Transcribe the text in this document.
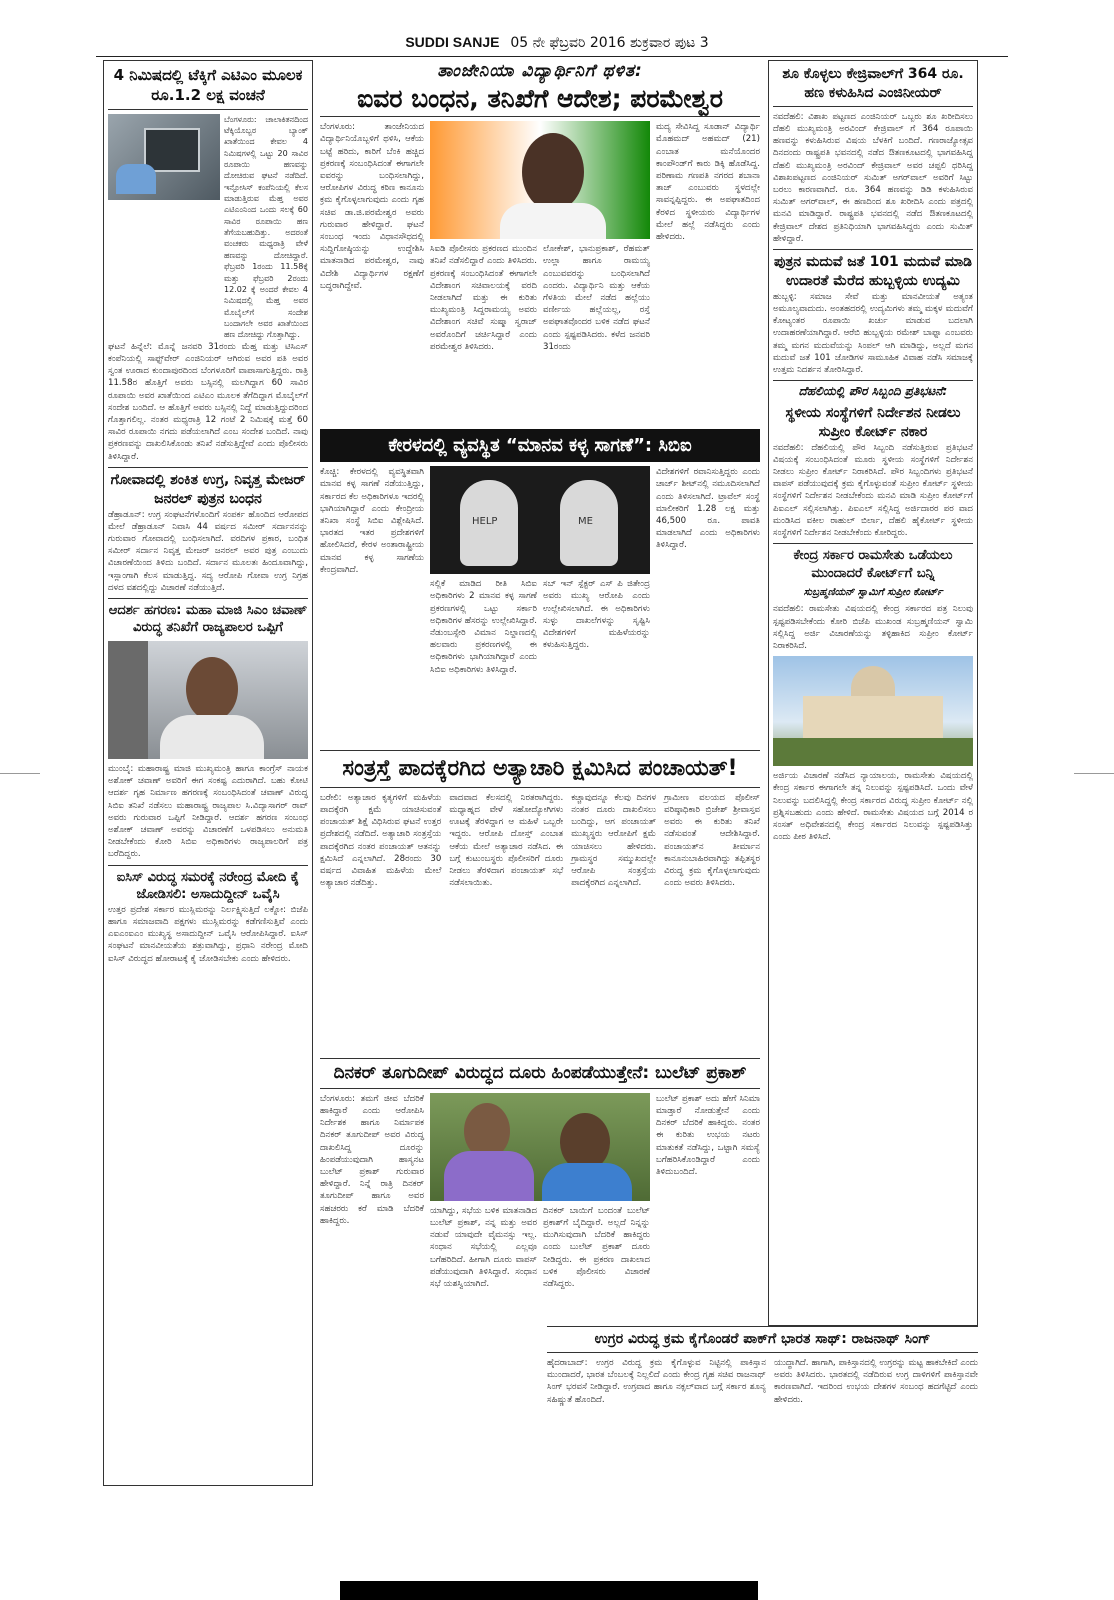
SUDDI SANJE 05 ನೇ ಫೆಬ್ರವರಿ 2016 ಶುಕ್ರವಾರ ಪುಟ 3
4 ನಿಮಿಷದಲ್ಲಿ ಟೆಕ್ಕಿಗೆ ಎಟಿಎಂ ಮೂಲಕ ರೂ.1.2 ಲಕ್ಷ ವಂಚನೆ

ಬೆಂಗಳೂರು: ಚಾಲಾಕಿತನದಿಂದ ಟೆಕ್ಕಿಯೊಬ್ಬರ ಬ್ಯಾಂಕ್ ಖಾತೆಯಿಂದ ಕೇವಲ 4 ನಿಮಿಷಗಳಲ್ಲಿ ಒಟ್ಟು 20 ಸಾವಿರ ರೂಪಾಯಿ ಹಣವನ್ನು ದೋಚಿರುವ ಘಟನೆ ನಡೆದಿದೆ. ಇನ್ಫೋಸಿಸ್ ಕಂಪೆನಿಯಲ್ಲಿ ಕೆಲಸ ಮಾಡುತ್ತಿರುವ ಮೆಹ್ತ ಅವರ ಎಟಿಎಂನಿಂದ ಒಂದು ಸಲಕ್ಕೆ 60 ಸಾವಿರ ರೂಪಾಯಿ ಹಣ ತೆಗೆಯಬಹುದಿತ್ತು. ಅದರಂತೆ ವಂಚಕರು ಮಧ್ಯರಾತ್ರಿ ವೇಳೆ ಹಣವನ್ನು ದೋಚಿದ್ದಾರೆ. ಫೆಬ್ರವರಿ 1ರಂದು 11.58ಕ್ಕೆ ಮತ್ತು ಫೆಬ್ರವರಿ 2ರಂದು 12.02 ಕ್ಕೆ ಅಂದರೆ ಕೇವಲ 4 ನಿಮಿಷದಲ್ಲಿ ಮೆಹ್ತ ಅವರ ಮೊಬೈಲ್‌ಗೆ ಸಂದೇಶ ಬಂದಾಗಲೇ ಅವರ ಖಾತೆಯಿಂದ ಹಣ ದೋಚಿದ್ದು ಗೊತ್ತಾಗಿದ್ದು.

ಘಟನೆ ಹಿನ್ನೆಲೆ: ಮೊನ್ನೆ ಜನವರಿ 31ರಂದು ಮೆಹ್ತ ಮತ್ತು ಟಿಸಿಎಸ್ ಕಂಪೆನಿಯಲ್ಲಿ ಸಾಫ್ಟ್‌ವೇರ್ ಎಂಜಿನಿಯರ್ ಆಗಿರುವ ಅವರ ಪತಿ ಅವರ ಸ್ವಂತ ಊರಾದ ಕುಂದಾಪುರದಿಂದ ಬೆಂಗಳೂರಿಗೆ ವಾಪಾಸಾಗುತ್ತಿದ್ದರು. ರಾತ್ರಿ 11.58ರ ಹೊತ್ತಿಗೆ ಅವರು ಬಸ್ಸಿನಲ್ಲಿ ಮಲಗಿದ್ದಾಗ 60 ಸಾವಿರ ರೂಪಾಯಿ ಅವರ ಖಾತೆಯಿಂದ ಎಟಿಎಂ ಮೂಲಕ ತೆಗೆದಿದ್ದಾಗ ಮೊಬೈಲ್‌ಗೆ ಸಂದೇಶ ಬಂದಿದೆ. ಆ ಹೊತ್ತಿಗೆ ಅವರು ಬಸ್ಸಿನಲ್ಲಿ ನಿದ್ದೆ ಮಾಡುತ್ತಿದ್ದುದರಿಂದ ಗೊತ್ತಾಗಲಿಲ್ಲ. ನಂತರ ಮಧ್ಯರಾತ್ರಿ 12 ಗಂಟೆ 2 ನಿಮಿಷಕ್ಕೆ ಮತ್ತೆ 60 ಸಾವಿರ ರೂಪಾಯಿ ನಗದು ಪಡೆಯಲಾಗಿದೆ ಎಂಬ ಸಂದೇಶ ಬಂದಿದೆ. ನಾವು ಪ್ರಕರಣವನ್ನು ದಾಖಲಿಸಿಕೊಂಡು ತನಿಖೆ ನಡೆಸುತ್ತಿದ್ದೇವೆ ಎಂದು ಪೊಲೀಸರು ತಿಳಿಸಿದ್ದಾರೆ.

ಗೋವಾದಲ್ಲಿ ಶಂಕಿತ ಉಗ್ರ, ನಿವೃತ್ತ ಮೇಜರ್ ಜನರಲ್ ಪುತ್ರನ ಬಂಧನ

ಡೆಹ್ರಾಡೂನ್: ಉಗ್ರ ಸಂಘಟನೆಗಳೊಂದಿಗೆ ಸಂಪರ್ಕ ಹೊಂದಿದ ಆರೋಪದ ಮೇಲೆ ಡೆಹ್ರಾಡೂನ್ ನಿವಾಸಿ 44 ವರ್ಷದ ಸಮೀರ್ ಸರ್ದಾನನನ್ನು ಗುರುವಾರ ಗೋವಾದಲ್ಲಿ ಬಂಧಿಸಲಾಗಿದೆ. ವರದಿಗಳ ಪ್ರಕಾರ, ಬಂಧಿತ ಸಮೀರ್ ಸರ್ದಾನ ನಿವೃತ್ತ ಮೇಜರ್ ಜನರಲ್ ಅವರ ಪುತ್ರ ಎಂಬುದು ವಿಚಾರಣೆಯಿಂದ ತಿಳಿದು ಬಂದಿದೆ. ಸರ್ದಾನ ಮೂಲತಃ ಹಿಂದೂವಾಗಿದ್ದು, ಇಸ್ಲಾಂಗಾಗಿ ಕೆಲಸ ಮಾಡುತ್ತಿದ್ದ. ಸದ್ಯ ಆರೋಪಿ ಗೋವಾ ಉಗ್ರ ನಿಗ್ರಹ ದಳದ ವಶದಲ್ಲಿದ್ದು ವಿಚಾರಣೆ ನಡೆಯುತ್ತಿದೆ.

ಆದರ್ಶ ಹಗರಣ: ಮಹಾ ಮಾಜಿ ಸಿಎಂ ಚವಾಣ್ ವಿರುದ್ಧ ತನಿಖೆಗೆ ರಾಜ್ಯಪಾಲರ ಒಪ್ಪಿಗೆ

ಮುಂಬೈ: ಮಹಾರಾಷ್ಟ್ರ ಮಾಜಿ ಮುಖ್ಯಮಂತ್ರಿ ಹಾಗೂ ಕಾಂಗ್ರೆಸ್ ನಾಯಕ ಅಶೋಕ್ ಚವಾಣ್ ಅವರಿಗೆ ಈಗ ಸಂಕಷ್ಟ ಎದುರಾಗಿದೆ. ಬಹು ಕೋಟಿ ಆದರ್ಶ ಗೃಹ ನಿರ್ಮಾಣ ಹಗರಣಕ್ಕೆ ಸಂಬಂಧಿಸಿದಂತೆ ಚವಾಣ್ ವಿರುದ್ಧ ಸಿಬಿಐ ತನಿಖೆ ನಡೆಸಲು ಮಹಾರಾಷ್ಟ್ರ ರಾಜ್ಯಪಾಲ ಸಿ.ವಿದ್ಯಾಸಾಗರ್ ರಾವ್ ಅವರು ಗುರುವಾರ ಒಪ್ಪಿಗೆ ನೀಡಿದ್ದಾರೆ. ಆದರ್ಶ ಹಗರಣ ಸಂಬಂಧ ಅಶೋಕ್ ಚವಾಣ್ ಅವರನ್ನು ವಿಚಾರಣೆಗೆ ಒಳಪಡಿಸಲು ಅನುಮತಿ ನೀಡಬೇಕೆಂದು ಕೋರಿ ಸಿಬಿಐ ಅಧಿಕಾರಿಗಳು ರಾಜ್ಯಪಾಲರಿಗೆ ಪತ್ರ ಬರೆದಿದ್ದರು.

ಐಸಿಸ್ ವಿರುದ್ಧ ಸಮರಕ್ಕೆ ನರೇಂದ್ರ ಮೋದಿ ಕೈ ಜೋಡಿಸಲಿ: ಅಸಾದುದ್ದೀನ್ ಒವೈಸಿ

ಉತ್ತರ ಪ್ರದೇಶ ಸರ್ಕಾರ ಮುಸ್ಲಿಮರನ್ನು ನಿರ್ಲಕ್ಷ್ಯಿಸುತ್ತಿದೆ ಲಕ್ನೋ: ಬಿಜೆಪಿ ಹಾಗೂ ಸಮಾಜವಾದಿ ಪಕ್ಷಗಳು ಮುಸ್ಲಿಮರನ್ನು ಕಡೆಗಣಿಸುತ್ತಿವೆ ಎಂದು ಎಐಎಂಐಎಂ ಮುಖ್ಯಸ್ಥ ಅಸಾದುದ್ದೀನ್ ಒವೈಸಿ ಆರೋಪಿಸಿದ್ದಾರೆ. ಐಸಿಸ್ ಸಂಘಟನೆ ಮಾನವೀಯತೆಯ ಶತ್ರುವಾಗಿದ್ದು, ಪ್ರಧಾನಿ ನರೇಂದ್ರ ಮೋದಿ ಐಸಿಸ್ ವಿರುದ್ಧದ ಹೋರಾಟಕ್ಕೆ ಕೈ ಜೋಡಿಸಬೇಕು ಎಂದು ಹೇಳಿದರು.

ತಾಂಜೇನಿಯಾ ವಿದ್ಯಾರ್ಥಿನಿಗೆ ಥಳಿತ:
ಐವರ ಬಂಧನ, ತನಿಖೆಗೆ ಆದೇಶ; ಪರಮೇಶ್ವರ

ಬೆಂಗಳೂರು: ತಾಂಜೇನಿಯದ ವಿದ್ಯಾರ್ಥಿನಿಯೊಬ್ಬಳಿಗೆ ಥಳಿಸಿ, ಆಕೆಯ ಬಟ್ಟೆ ಹರಿದು, ಕಾರಿಗೆ ಬೆಂಕಿ ಹಚ್ಚಿದ ಪ್ರಕರಣಕ್ಕೆ ಸಂಬಂಧಿಸಿದಂತೆ ಈಗಾಗಲೇ ಐವರನ್ನು ಬಂಧಿಸಲಾಗಿದ್ದು, ಆರೋಪಿಗಳ ವಿರುದ್ಧ ಕಠಿಣ ಕಾನೂನು ಕ್ರಮ ಕೈಗೊಳ್ಳಲಾಗುವುದು ಎಂದು ಗೃಹ ಸಚಿವ ಡಾ.ಜಿ.ಪರಮೇಶ್ವರ ಅವರು ಗುರುವಾರ ಹೇಳಿದ್ದಾರೆ. ಘಟನೆ ಸಂಬಂಧ ಇಂದು ವಿಧಾನಸೌಧದಲ್ಲಿ ಸುದ್ದಿಗೋಷ್ಠಿಯನ್ನು ಉದ್ದೇಶಿಸಿ ಮಾತನಾಡಿದ ಪರಮೇಶ್ವರ, ನಾವು ವಿದೇಶಿ ವಿದ್ಯಾರ್ಥಿಗಳ ರಕ್ಷಣೆಗೆ ಬದ್ಧರಾಗಿದ್ದೇವೆ.

ಸಿಐಡಿ ಪೊಲೀಸರು ಪ್ರಕರಣದ ಮುಂದಿನ ತನಿಖೆ ನಡೆಸಲಿದ್ದಾರೆ ಎಂದು ತಿಳಿಸಿದರು. ಪ್ರಕರಣಕ್ಕೆ ಸಂಬಂಧಿಸಿದಂತೆ ಈಗಾಗಲೇ ವಿದೇಶಾಂಗ ಸಚಿವಾಲಯಕ್ಕೆ ವರದಿ ನೀಡಲಾಗಿದೆ ಮತ್ತು ಈ ಕುರಿತು ಮುಖ್ಯಮಂತ್ರಿ ಸಿದ್ದರಾಮಯ್ಯ ಅವರು ವಿದೇಶಾಂಗ ಸಚಿವೆ ಸುಷ್ಮಾ ಸ್ವರಾಜ್ ಅವರೊಂದಿಗೆ ಚರ್ಚಿಸಿದ್ದಾರೆ ಎಂದು ಪರಮೇಶ್ವರ ತಿಳಿಸಿದರು.

ಲೋಕೇಶ್, ಭಾನುಪ್ರಕಾಶ್, ರೆಹಮತ್ ಉಲ್ಲಾ ಹಾಗೂ ರಾಮಯ್ಯ ಎಂಬುವವರನ್ನು ಬಂಧಿಸಲಾಗಿದೆ ಎಂದರು. ವಿದ್ಯಾರ್ಥಿನಿ ಮತ್ತು ಆಕೆಯ ಗೆಳತಿಯ ಮೇಲೆ ನಡೆದ ಹಲ್ಲೆಯು ವರ್ಣೀಯ ಹಲ್ಲೆಯಲ್ಲ, ರಸ್ತೆ ಅಪಘಾತವೊಂದರ ಬಳಿಕ ನಡೆದ ಘಟನೆ ಎಂದು ಸ್ಪಷ್ಟಪಡಿಸಿದರು. ಕಳೆದ ಜನವರಿ 31ರಂದು

ಮದ್ಯ ಸೇವಿಸಿದ್ದ ಸೂಡಾನ್ ವಿದ್ಯಾರ್ಥಿ ಮೊಹಮದ್ ಅಹಮದ್ (21) ಎಂಬಾತ ಮನೆಯೊಂದರ ಕಾಂಪೌಂಡ್‌ಗೆ ಕಾರು ಡಿಕ್ಕಿ ಹೊಡೆಸಿದ್ದ. ಪರಿಣಾಮ ಗಣಪತಿ ನಗರದ ಶಬಾನಾ ತಾಜ್ ಎಂಬುವರು ಸ್ಥಳದಲ್ಲೇ ಸಾವನ್ನಪ್ಪಿದ್ದರು. ಈ ಅಪಘಾತದಿಂದ ಕೆರಳಿದ ಸ್ಥಳೀಯರು ವಿದ್ಯಾರ್ಥಿಗಳ ಮೇಲೆ ಹಲ್ಲೆ ನಡೆಸಿದ್ದರು ಎಂದು ಹೇಳಿದರು.

ಕೇರಳದಲ್ಲಿ ವ್ಯವಸ್ಥಿತ “ಮಾನವ ಕಳ್ಳ ಸಾಗಣೆ”: ಸಿಬಿಐ

ಕೊಚ್ಚಿ: ಕೇರಳದಲ್ಲಿ ವ್ಯವಸ್ಥಿತವಾಗಿ ಮಾನವ ಕಳ್ಳ ಸಾಗಣೆ ನಡೆಯುತ್ತಿದ್ದು, ಸರ್ಕಾರದ ಕೆಲ ಅಧಿಕಾರಿಗಳೂ ಇದರಲ್ಲಿ ಭಾಗಿಯಾಗಿದ್ದಾರೆ ಎಂದು ಕೇಂದ್ರೀಯ ತನಿಖಾ ಸಂಸ್ಥೆ ಸಿಬಿಐ ವಿಶ್ಲೇಷಿಸಿದೆ. ಭಾರತದ ಇತರ ಪ್ರದೇಶಗಳಿಗೆ ಹೋಲಿಸಿದರೆ, ಕೇರಳ ಅಂತಾರಾಷ್ಟ್ರೀಯ ಮಾನವ ಕಳ್ಳ ಸಾಗಣೆಯ ಕೇಂದ್ರವಾಗಿದೆ.

HELP	ME

ಸಲ್ಲಿಕೆ ಮಾಡಿದ ರೀತಿ ಸಿಬಿಐ ಅಧಿಕಾರಿಗಳು 2 ಮಾನವ ಕಳ್ಳ ಸಾಗಣೆ ಪ್ರಕರಣಗಳಲ್ಲಿ ಒಟ್ಟು ಸರ್ಕಾರಿ ಅಧಿಕಾರಿಗಳ ಹೆಸರನ್ನು ಉಲ್ಲೇಖಿಸಿದ್ದಾರೆ. ನೆಡುಂಬಸ್ಸೇರಿ ವಿಮಾನ ನಿಲ್ದಾಣದಲ್ಲಿ ಹಲವಾರು ಪ್ರಕರಣಗಳಲ್ಲಿ ಈ ಅಧಿಕಾರಿಗಳು ಭಾಗಿಯಾಗಿದ್ದಾರೆ ಎಂದು ಸಿಬಿಐ ಅಧಿಕಾರಿಗಳು ತಿಳಿಸಿದ್ದಾರೆ.

ಸಬ್ ಇನ್ ಸ್ಪೆಕ್ಟರ್ ಎಸ್ ಪಿ ಜಿತೇಂದ್ರ ಅವರು ಮುಖ್ಯ ಆರೋಪಿ ಎಂದು ಉಲ್ಲೇಖಿಸಲಾಗಿದೆ. ಈ ಅಧಿಕಾರಿಗಳು ಸುಳ್ಳು ದಾಖಲೆಗಳನ್ನು ಸೃಷ್ಟಿಸಿ ವಿದೇಶಗಳಿಗೆ ಮಹಿಳೆಯರನ್ನು ಕಳುಹಿಸುತ್ತಿದ್ದರು.

ವಿದೇಶಗಳಿಗೆ ರವಾನಿಸುತ್ತಿದ್ದರು ಎಂದು ಚಾರ್ಜ್ ಶೀಟ್‌ನಲ್ಲಿ ನಮೂದಿಸಲಾಗಿದೆ ಎಂದು ತಿಳಿಸಲಾಗಿದೆ. ಟ್ರಾವೆಲ್ ಸಂಸ್ಥೆ ಮಾಲೀಕರಿಗೆ 1.28 ಲಕ್ಷ ಮತ್ತು 46,500 ರೂ. ಪಾವತಿ ಮಾಡಲಾಗಿದೆ ಎಂದು ಅಧಿಕಾರಿಗಳು ತಿಳಿಸಿದ್ದಾರೆ.

ಸಂತ್ರಸ್ತೆ ಪಾದಕ್ಕೆರಗಿದ ಅತ್ಯಾಚಾರಿ ಕ್ಷಮಿಸಿದ ಪಂಚಾಯತ್!

ಬರೇಲಿ: ಅತ್ಯಾಚಾರ ಕೃತ್ಯಗಳಿಗೆ ಮಹಿಳೆಯ ಪಾದಕ್ಕೆರಗಿ ಕ್ಷಮೆ ಯಾಚಿಸುವಂತೆ ಪಂಚಾಯತ್ ಶಿಕ್ಷೆ ವಿಧಿಸಿರುವ ಘಟನೆ ಉತ್ತರ ಪ್ರದೇಶದಲ್ಲಿ ನಡೆದಿದೆ. ಅತ್ಯಾಚಾರಿ ಸಂತ್ರಸ್ತೆಯ ಪಾದಕ್ಕೆರಗಿದ ನಂತರ ಪಂಚಾಯತ್ ಆತನನ್ನು ಕ್ಷಮಿಸಿದೆ ಎನ್ನಲಾಗಿದೆ. 28ರಂದು 30 ವರ್ಷದ ವಿವಾಹಿತ ಮಹಿಳೆಯ ಮೇಲೆ ಅತ್ಯಾಚಾರ ನಡೆದಿತ್ತು.

ವಾದವಾದ ಕೆಲಸದಲ್ಲಿ ನಿರತರಾಗಿದ್ದರು. ಮಧ್ಯಾಹ್ನದ ವೇಳೆ ಸಹೋದ್ಯೋಗಿಗಳು ಊಟಕ್ಕೆ ತೆರಳಿದ್ದಾಗ ಆ ಮಹಿಳೆ ಒಬ್ಬರೇ ಇದ್ದರು. ಆರೋಪಿ ದೋಸ್ತ್ ಎಂಬಾತ ಆಕೆಯ ಮೇಲೆ ಅತ್ಯಾಚಾರ ನಡೆಸಿದ. ಈ ಬಗ್ಗೆ ಕುಟುಂಬಸ್ಥರು ಪೊಲೀಸರಿಗೆ ದೂರು ನೀಡಲು ತೆರಳಿದಾಗ ಪಂಚಾಯತ್ ಸಭೆ ನಡೆಸಲಾಯಿತು.

ಕಚ್ಚಾವುದನ್ನೂ ಕೆಲವು ದಿನಗಳ ನಂತರ ದೂರು ದಾಖಲಿಸಲು ಬಂದಿದ್ದು, ಆಗ ಪಂಚಾಯತ್ ಮುಖ್ಯಸ್ಥರು ಆರೋಪಿಗೆ ಕ್ಷಮೆ ಯಾಚಿಸಲು ಹೇಳಿದರು. ಗ್ರಾಮಸ್ಥರ ಸಮ್ಮುಖದಲ್ಲೇ ಆರೋಪಿ ಸಂತ್ರಸ್ತೆಯ ಪಾದಕ್ಕೆರಗಿದ ಎನ್ನಲಾಗಿದೆ.

ಗ್ರಾಮೀಣ ವಲಯದ ಪೊಲೀಸ್ ವರಿಷ್ಠಾಧಿಕಾರಿ ಬ್ರಿಜೇಶ್ ಶ್ರೀವಾಸ್ತವ ಅವರು ಈ ಕುರಿತು ತನಿಖೆ ನಡೆಸುವಂತೆ ಆದೇಶಿಸಿದ್ದಾರೆ. ಪಂಚಾಯತ್‌ನ ತೀರ್ಮಾನ ಕಾನೂನುಬಾಹಿರವಾಗಿದ್ದು ತಪ್ಪಿತಸ್ಥರ ವಿರುದ್ಧ ಕ್ರಮ ಕೈಗೊಳ್ಳಲಾಗುವುದು ಎಂದು ಅವರು ತಿಳಿಸಿದರು.

ದಿನಕರ್ ತೂಗುದೀಪ್ ವಿರುದ್ಧದ ದೂರು ಹಿಂಪಡೆಯುತ್ತೇನೆ: ಬುಲೆಟ್ ಪ್ರಕಾಶ್

ಬೆಂಗಳೂರು: ತಮಗೆ ಜೀವ ಬೆದರಿಕೆ ಹಾಕಿದ್ದಾರೆ ಎಂದು ಆರೋಪಿಸಿ ನಿರ್ದೇಶಕ ಹಾಗೂ ನಿರ್ಮಾಪಕ ದಿನಕರ್ ತೂಗುದೀಪ್ ಅವರ ವಿರುದ್ಧ ದಾಖಲಿಸಿದ್ದ ದೂರನ್ನು ಹಿಂಪಡೆಯುವುದಾಗಿ ಹಾಸ್ಯನಟ ಬುಲೆಟ್ ಪ್ರಕಾಶ್ ಗುರುವಾರ ಹೇಳಿದ್ದಾರೆ. ನಿನ್ನೆ ರಾತ್ರಿ ದಿನಕರ್ ತೂಗುದೀಪ್ ಹಾಗೂ ಅವರ ಸಹಚರರು ಕರೆ ಮಾಡಿ ಬೆದರಿಕೆ ಹಾಕಿದ್ದರು.

ಯಾಗಿದ್ದು, ಸಭೆಯ ಬಳಿಕ ಮಾತನಾಡಿದ ಬುಲೆಟ್ ಪ್ರಕಾಶ್, ನನ್ನ ಮತ್ತು ಅವರ ನಡುವೆ ಯಾವುದೇ ವೈಮನಸ್ಸು ಇಲ್ಲ. ಸಂಧಾನ ಸಭೆಯಲ್ಲಿ ಎಲ್ಲವೂ ಬಗೆಹರಿದಿದೆ. ಹೀಗಾಗಿ ದೂರು ವಾಪಸ್ ಪಡೆಯುವುದಾಗಿ ತಿಳಿಸಿದ್ದಾರೆ. ಸಂಧಾನ ಸಭೆ ಯಶಸ್ವಿಯಾಗಿದೆ.

ದಿನಕರ್ ಬಾಯಿಗೆ ಬಂದಂತೆ ಬುಲೆಟ್ ಪ್ರಕಾಶ್‌ಗೆ ಬೈದಿದ್ದಾರೆ. ಅಲ್ಲದೆ ನಿನ್ನನ್ನು ಮುಗಿಸುವುದಾಗಿ ಬೆದರಿಕೆ ಹಾಕಿದ್ದರು ಎಂದು ಬುಲೆಟ್ ಪ್ರಕಾಶ್ ದೂರು ನೀಡಿದ್ದರು. ಈ ಪ್ರಕರಣ ದಾಖಲಾದ ಬಳಿಕ ಪೊಲೀಸರು ವಿಚಾರಣೆ ನಡೆಸಿದ್ದರು.

ಬುಲೆಟ್ ಪ್ರಕಾಶ್ ಅದು ಹೇಗೆ ಸಿನಿಮಾ ಮಾಡ್ತಾರೆ ನೋಡುತ್ತೇನೆ ಎಂದು ದಿನಕರ್ ಬೆದರಿಕೆ ಹಾಕಿದ್ದರು. ನಂತರ ಈ ಕುರಿತು ಉಭಯ ನಟರು ಮಾತುಕತೆ ನಡೆಸಿದ್ದು, ಒಟ್ಟಾಗಿ ಸಮಸ್ಯೆ ಬಗೆಹರಿಸಿಕೊಂಡಿದ್ದಾರೆ ಎಂದು ತಿಳಿದುಬಂದಿದೆ.

ಶೂ ಕೊಳ್ಳಲು ಕೇಜ್ರಿವಾಲ್‌ಗೆ 364 ರೂ. ಹಣ ಕಳುಹಿಸಿದ ಎಂಜಿನೀಯರ್

ನವದೆಹಲಿ: ವಿಶಾಖ ಪಟ್ಟಣದ ಎಂಜಿನಿಯರ್ ಒಬ್ಬರು ಶೂ ಖರೀದಿಸಲು ದೆಹಲಿ ಮುಖ್ಯಮಂತ್ರಿ ಅರವಿಂದ್ ಕೇಜ್ರಿವಾಲ್ ಗೆ 364 ರೂಪಾಯಿ ಹಣವನ್ನು ಕಳುಹಿಸಿರುವ ವಿಷಯ ಬೆಳಕಿಗೆ ಬಂದಿದೆ. ಗಣರಾಜ್ಯೋತ್ಸವ ದಿನದಂದು ರಾಷ್ಟ್ರಪತಿ ಭವನದಲ್ಲಿ ನಡೆದ ಔತಣಕೂಟದಲ್ಲಿ ಭಾಗವಹಿಸಿದ್ದ ದೆಹಲಿ ಮುಖ್ಯಮಂತ್ರಿ ಅರವಿಂದ್ ಕೇಜ್ರಿವಾಲ್ ಅವರ ಚಪ್ಪಲಿ ಧರಿಸಿದ್ದ ವಿಶಾಖಪಟ್ಟಣದ ಎಂಜಿನಿಯರ್ ಸುಮಿತ್ ಅಗರ್‌ವಾಲ್ ಅವರಿಗೆ ಸಿಟ್ಟು ಬರಲು ಕಾರಣವಾಗಿದೆ. ರೂ. 364 ಹಣವನ್ನು ಡಿಡಿ ಕಳುಹಿಸಿರುವ ಸುಮಿತ್ ಅಗರ್‌ವಾಲ್, ಈ ಹಣದಿಂದ ಶೂ ಖರೀದಿಸಿ ಎಂದು ಪತ್ರದಲ್ಲಿ ಮನವಿ ಮಾಡಿದ್ದಾರೆ. ರಾಷ್ಟ್ರಪತಿ ಭವನದಲ್ಲಿ ನಡೆದ ಔತಣಕೂಟದಲ್ಲಿ ಕೇಜ್ರಿವಾಲ್ ದೇಶದ ಪ್ರತಿನಿಧಿಯಾಗಿ ಭಾಗವಹಿಸಿದ್ದರು ಎಂದು ಸುಮಿತ್ ಹೇಳಿದ್ದಾರೆ.

ಪುತ್ರನ ಮದುವೆ ಜತೆ 101 ಮದುವೆ ಮಾಡಿ ಉದಾರತೆ ಮೆರೆದ ಹುಬ್ಬಳ್ಳಿಯ ಉದ್ಯಮಿ

ಹುಬ್ಬಳ್ಳಿ: ಸಮಾಜ ಸೇವೆ ಮತ್ತು ಮಾನವೀಯತೆ ಅತ್ಯಂತ ಅಮೂಲ್ಯವಾದುದು. ಅಂತಹದರಲ್ಲಿ ಉದ್ಯಮಿಗಳು ತಮ್ಮ ಮಕ್ಕಳ ಮದುವೆಗೆ ಕೋಟ್ಯಂತರ ರೂಪಾಯಿ ಖರ್ಚು ಮಾಡುವ ಬದಲಾಗಿ ಉದಾಹರಣೆಯಾಗಿದ್ದಾರೆ. ಆರೆಬಿ ಹುಬ್ಬಳ್ಳಿಯ ರಮೇಶ್ ಬಾಫ್ನಾ ಎಂಬವರು ತಮ್ಮ ಮಗನ ಮದುವೆಯನ್ನು ಸಿಂಪಲ್ ಆಗಿ ಮಾಡಿದ್ದು, ಅಲ್ಲದೆ ಮಗನ ಮದುವೆ ಜತೆ 101 ಜೋಡಿಗಳ ಸಾಮೂಹಿಕ ವಿವಾಹ ನಡೆಸಿ ಸಮಾಜಕ್ಕೆ ಉತ್ತಮ ನಿದರ್ಶನ ತೋರಿಸಿದ್ದಾರೆ.

ದೆಹಲಿಯಲ್ಲಿ ಪೌರ ಸಿಬ್ಬಂದಿ ಪ್ರತಿಭಟನೆ:
ಸ್ಥಳೀಯ ಸಂಸ್ಥೆಗಳಿಗೆ ನಿರ್ದೇಶನ ನೀಡಲು ಸುಪ್ರೀಂ ಕೋರ್ಟ್ ನಕಾರ

ನವದೆಹಲಿ: ದೆಹಲಿಯಲ್ಲಿ ಪೌರ ಸಿಬ್ಬಂದಿ ನಡೆಸುತ್ತಿರುವ ಪ್ರತಿಭಟನೆ ವಿಷಯಕ್ಕೆ ಸಂಬಂಧಿಸಿದಂತೆ ಮೂರು ಸ್ಥಳೀಯ ಸಂಸ್ಥೆಗಳಿಗೆ ನಿರ್ದೇಶನ ನೀಡಲು ಸುಪ್ರೀಂ ಕೋರ್ಟ್ ನಿರಾಕರಿಸಿದೆ. ಪೌರ ಸಿಬ್ಬಂದಿಗಳು ಪ್ರತಿಭಟನೆ ವಾಪಸ್ ಪಡೆಯುವುದಕ್ಕೆ ಕ್ರಮ ಕೈಗೊಳ್ಳುವಂತೆ ಸುಪ್ರೀಂ ಕೋರ್ಟ್ ಸ್ಥಳೀಯ ಸಂಸ್ಥೆಗಳಿಗೆ ನಿರ್ದೇಶನ ನೀಡಬೇಕೆಂದು ಮನವಿ ಮಾಡಿ ಸುಪ್ರೀಂ ಕೋರ್ಟ್‌ಗೆ ಪಿಐಎಲ್ ಸಲ್ಲಿಸಲಾಗಿತ್ತು. ಪಿಐಎಲ್ ಸಲ್ಲಿಸಿದ್ದ ಅರ್ಜಿದಾರರ ಪರ ವಾದ ಮಂಡಿಸಿದ ವಕೀಲ ರಾಹುಲ್ ಬಿರ್ಲಾ, ದೆಹಲಿ ಹೈಕೋರ್ಟ್ ಸ್ಥಳೀಯ ಸಂಸ್ಥೆಗಳಿಗೆ ನಿರ್ದೇಶನ ನೀಡಬೇಕೆಂದು ಕೋರಿದ್ದರು.

ಕೇಂದ್ರ ಸರ್ಕಾರ ರಾಮಸೇತು ಒಡೆಯಲು ಮುಂದಾದರೆ ಕೋರ್ಟ್‌ಗೆ ಬನ್ನಿ
ಸುಬ್ರಹ್ಮಣಿಯನ್ ಸ್ವಾಮಿಗೆ ಸುಪ್ರೀಂ ಕೋರ್ಟ್

ನವದೆಹಲಿ: ರಾಮಸೇತು ವಿಷಯದಲ್ಲಿ ಕೇಂದ್ರ ಸರ್ಕಾರದ ಪತ್ರ ನಿಲುವು ಸ್ಪಷ್ಟಪಡಿಸಬೇಕೆಂದು ಕೋರಿ ಬಿಜೆಪಿ ಮುಖಂಡ ಸುಬ್ರಹ್ಮಣಿಯನ್ ಸ್ವಾಮಿ ಸಲ್ಲಿಸಿದ್ದ ಅರ್ಜಿ ವಿಚಾರಣೆಯನ್ನು ತಳ್ಳಿಹಾಕಿದ ಸುಪ್ರೀಂ ಕೋರ್ಟ್ ನಿರಾಕರಿಸಿದೆ.

ಅರ್ಜಿಯ ವಿಚಾರಣೆ ನಡೆಸಿದ ನ್ಯಾಯಾಲಯ, ರಾಮಸೇತು ವಿಷಯದಲ್ಲಿ ಕೇಂದ್ರ ಸರ್ಕಾರ ಈಗಾಗಲೇ ತನ್ನ ನಿಲುವನ್ನು ಸ್ಪಷ್ಟಪಡಿಸಿದೆ. ಒಂದು ವೇಳೆ ನಿಲುವನ್ನು ಬದಲಿಸಿದ್ದಲ್ಲಿ ಕೇಂದ್ರ ಸರ್ಕಾರದ ವಿರುದ್ಧ ಸುಪ್ರೀಂ ಕೋರ್ಟ್ ನಲ್ಲಿ ಪ್ರಶ್ನಿಸಬಹುದು ಎಂದು ಹೇಳಿದೆ. ರಾಮಸೇತು ವಿಷಯದ ಬಗ್ಗೆ 2014 ರ ಸಂಸತ್ ಅಧಿವೇಶನದಲ್ಲಿ ಕೇಂದ್ರ ಸರ್ಕಾರದ ನಿಲುವನ್ನು ಸ್ಪಷ್ಟಪಡಿಸಿತ್ತು ಎಂದು ಪೀಠ ತಿಳಿಸಿದೆ.

ಉಗ್ರರ ವಿರುದ್ಧ ಕ್ರಮ ಕೈಗೊಂಡರೆ ಪಾಕ್‌ಗೆ ಭಾರತ ಸಾಥ್: ರಾಜನಾಥ್ ಸಿಂಗ್

ಹೈದರಾಬಾದ್: ಉಗ್ರರ ವಿರುದ್ಧ ಕ್ರಮ ಕೈಗೊಳ್ಳುವ ನಿಟ್ಟಿನಲ್ಲಿ ಪಾಕಿಸ್ತಾನ ಮುಂದಾದರೆ, ಭಾರತ ಬೆಂಬಲಕ್ಕೆ ನಿಲ್ಲಲಿದೆ ಎಂದು ಕೇಂದ್ರ ಗೃಹ ಸಚಿವ ರಾಜನಾಥ್ ಸಿಂಗ್ ಭರವಸೆ ನೀಡಿದ್ದಾರೆ. ಉಗ್ರವಾದ ಹಾಗೂ ನಕ್ಸಲ್‌ವಾದ ಬಗ್ಗೆ ಸರ್ಕಾರ ಶೂನ್ಯ ಸಹಿಷ್ಣುತೆ ಹೊಂದಿದೆ.

ಯುದ್ಧಾಗಿದೆ. ಹಾಗಾಗಿ, ಪಾಕಿಸ್ತಾನದಲ್ಲಿ ಉಗ್ರರನ್ನು ಮಟ್ಟ ಹಾಕಬೇಕಿದೆ ಎಂದು ಅವರು ತಿಳಿಸಿದರು. ಭಾರತದಲ್ಲಿ ನಡೆದಿರುವ ಉಗ್ರ ದಾಳಿಗಳಿಗೆ ಪಾಕಿಸ್ತಾನವೇ ಕಾರಣವಾಗಿದೆ. ಇದರಿಂದ ಉಭಯ ದೇಶಗಳ ಸಂಬಂಧ ಹದಗೆಟ್ಟಿದೆ ಎಂದು ಹೇಳಿದರು.
